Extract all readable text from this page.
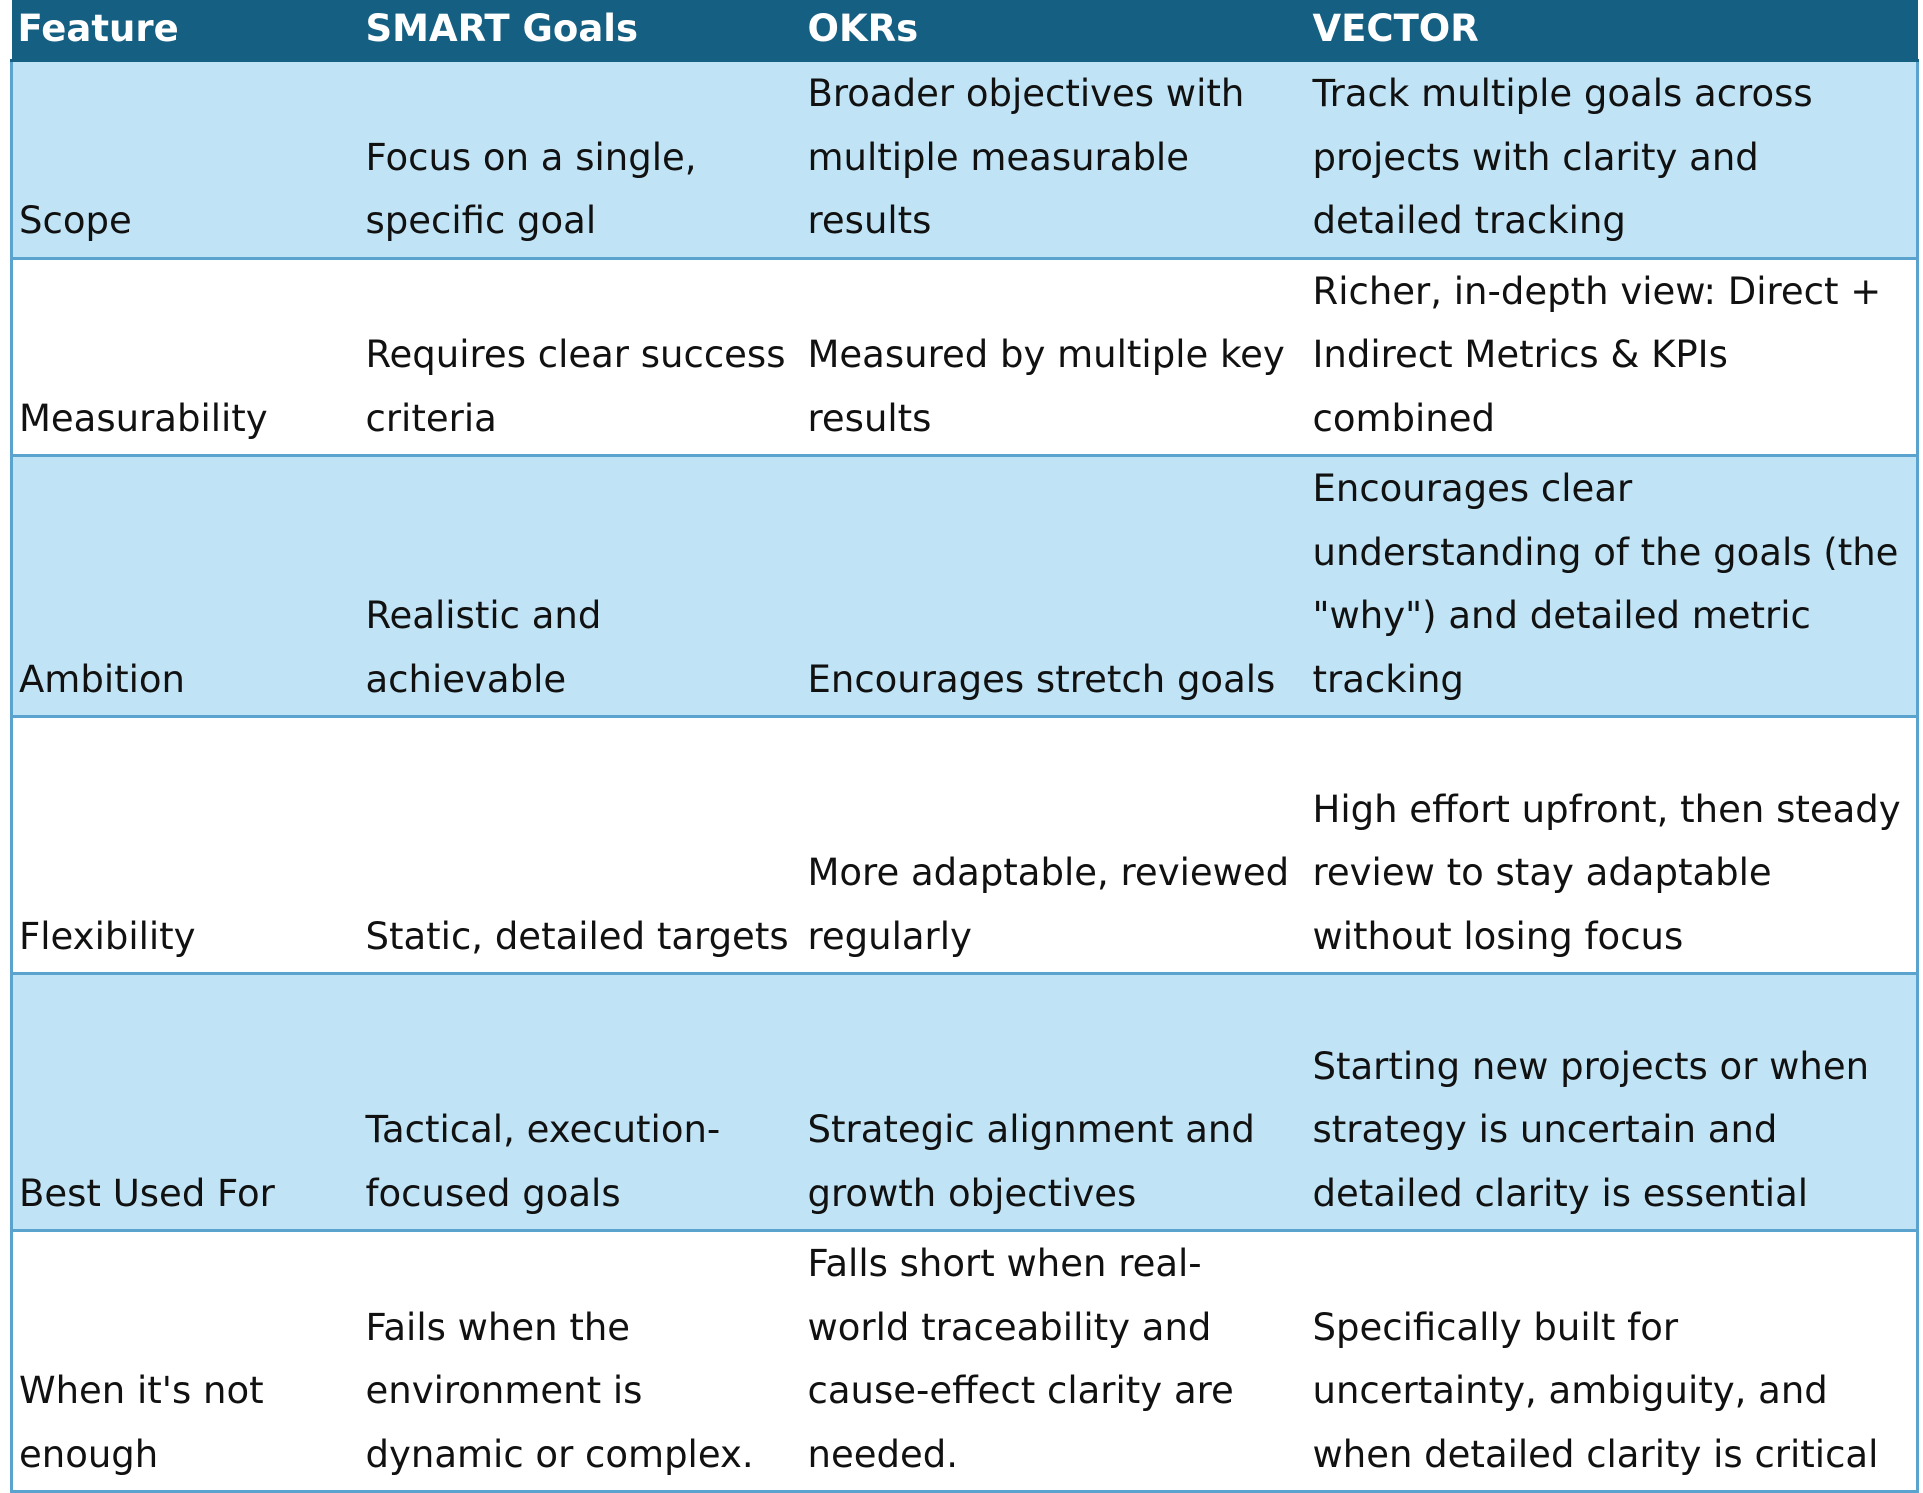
Feature	SMART Goals	OKRs	VECTOR
Scope	Focus on a single, specific goal	Broader objectives with multiple measurable results	Track multiple goals across projects with clarity and detailed tracking
Measurability	Requires clear success criteria	Measured by multiple key results	Richer, in-depth view: Direct + Indirect Metrics & KPIs combined
Ambition	Realistic and achievable	Encourages stretch goals	Encourages clear understanding of the goals (the "why") and detailed metric tracking
Flexibility	Static, detailed targets	More adaptable, reviewed regularly	High effort upfront, then steady review to stay adaptable without losing focus
Best Used For	Tactical, execution-focused goals	Strategic alignment and growth objectives	Starting new projects or when strategy is uncertain and detailed clarity is essential
When it's not enough	Fails when the environment is dynamic or complex.	Falls short when real-world traceability and cause-effect clarity are needed.	Specifically built for uncertainty, ambiguity, and when detailed clarity is critical
